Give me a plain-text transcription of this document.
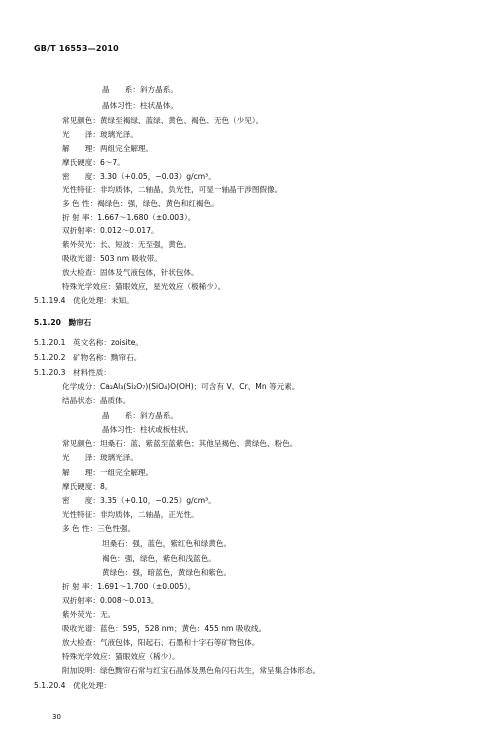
GB/T 16553—2010
晶　　系：斜方晶系。
晶体习性：柱状晶体。
常见颜色：黄绿至褐绿、蓝绿、黄色、褐色、无色（少见）。
光　　泽：玻璃光泽。
解　　理：两组完全解理。
摩氏硬度：6～7。
密　　度：3.30（+0.05，−0.03）g/cm³。
光性特征：非均质体，二轴晶，负光性，可显一轴晶干涉图假像。
多 色 性：褐绿色：强，绿色、黄色和红褐色。
折 射 率：1.667～1.680（±0.003）。
双折射率：0.012～0.017。
紫外荧光：长、短波：无至强，黄色。
吸收光谱：503 nm 吸收带。
放大检查：固体及气液包体，针状包体。
特殊光学效应：猫眼效应，星光效应（极稀少）。
5.1.19.4　优化处理：未知。
5.1.20　黝帘石
5.1.20.1　英文名称：zoisite。
5.1.20.2　矿物名称：黝帘石。
5.1.20.3　材料性质：
化学成分：Ca₂Al₃(Si₂O₇)(SiO₄)O(OH)；可含有 V、Cr、Mn 等元素。
结晶状态：晶质体。
晶　　系：斜方晶系。
晶体习性：柱状或板柱状。
常见颜色：坦桑石：蓝、紫蓝至蓝紫色；其他呈褐色、黄绿色、粉色。
光　　泽：玻璃光泽。
解　　理：一组完全解理。
摩氏硬度：8。
密　　度：3.35（+0.10，−0.25）g/cm³。
光性特征：非均质体，二轴晶，正光性。
多 色 性：三色性强。
坦桑石：强，蓝色，紫红色和绿黄色。
褐色：强，绿色，紫色和浅蓝色。
黄绿色：强，暗蓝色，黄绿色和紫色。
折 射 率：1.691～1.700（±0.005）。
双折射率：0.008～0.013。
紫外荧光：无。
吸收光谱：蓝色：595，528 nm；黄色：455 nm 吸收线。
放大检查：气液包体，阳起石、石墨和十字石等矿物包体。
特殊光学效应：猫眼效应（稀少）。
附加说明：绿色黝帘石常与红宝石晶体及黑色角闪石共生，常呈集合体形态。
5.1.20.4　优化处理：
30
